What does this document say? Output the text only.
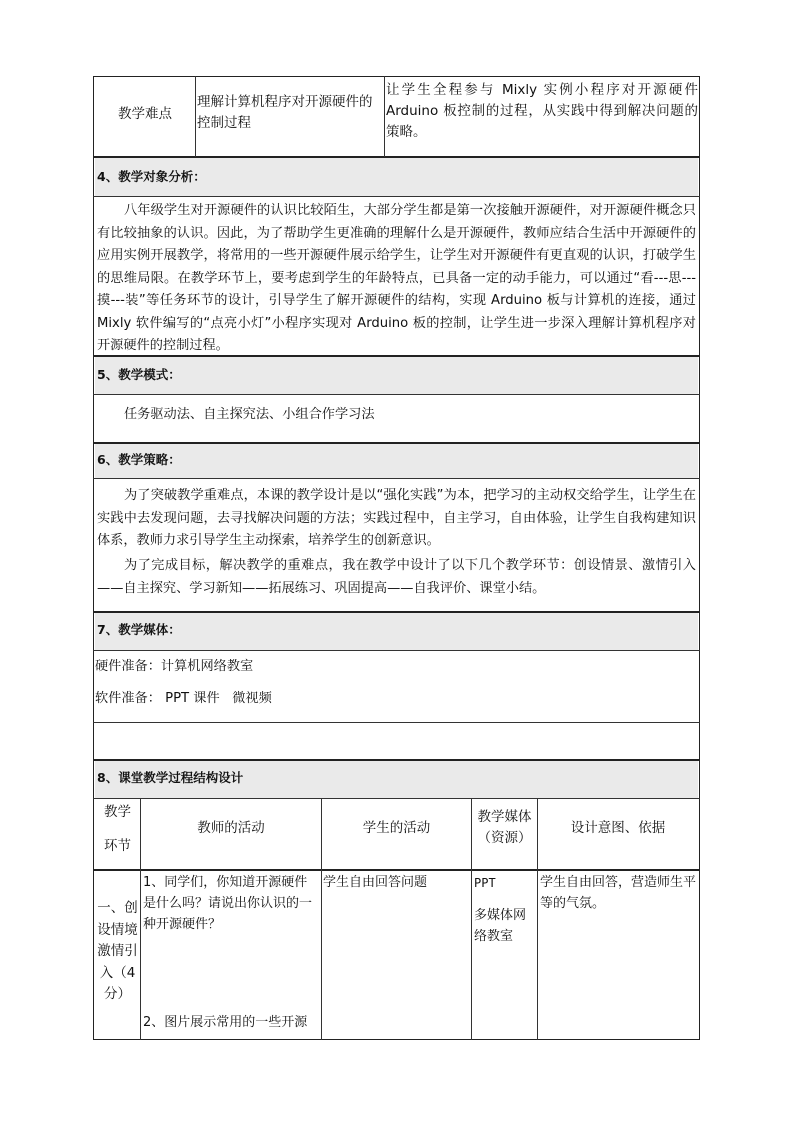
教学难点
理解计算机程序对开源硬件的控制过程
让学生全程参与 Mixly 实例小程序对开源硬件 Arduino 板控制的过程，从实践中得到解决问题的策略。
4、教学对象分析：
八年级学生对开源硬件的认识比较陌生，大部分学生都是第一次接触开源硬件，对开源硬件概念只有比较抽象的认识。因此，为了帮助学生更准确的理解什么是开源硬件，教师应结合生活中开源硬件的应用实例开展教学，将常用的一些开源硬件展示给学生，让学生对开源硬件有更直观的认识，打破学生的思维局限。在教学环节上，要考虑到学生的年龄特点，已具备一定的动手能力，可以通过“看---思---摸---装”等任务环节的设计，引导学生了解开源硬件的结构，实现 Arduino 板与计算机的连接，通过 Mixly 软件编写的“点亮小灯”小程序实现对 Arduino 板的控制，让学生进一步深入理解计算机程序对开源硬件的控制过程。
5、教学模式：
任务驱动法、自主探究法、小组合作学习法
6、教学策略：
为了突破教学重难点，本课的教学设计是以“强化实践”为本，把学习的主动权交给学生，让学生在实践中去发现问题，去寻找解决问题的方法；实践过程中，自主学习，自由体验，让学生自我构建知识体系，教师力求引导学生主动探索，培养学生的创新意识。
为了完成目标，解决教学的重难点，我在教学中设计了以下几个教学环节：创设情景、激情引入——自主探究、学习新知——拓展练习、巩固提高——自我评价、课堂小结。
7、教学媒体：
硬件准备：计算机网络教室
软件准备： PPT 课件   微视频
8、课堂教学过程结构设计
教学
环节
教师的活动	学生的活动
教学媒体
（资源）
设计意图、依据
一、创设情境激情引入（4分）
1、同学们，你知道开源硬件是什么吗？请说出你认识的一种开源硬件？
2、图片展示常用的一些开源
学生自由回答问题	PPT
多媒体网络教室
学生自由回答，营造师生平等的气氛。
